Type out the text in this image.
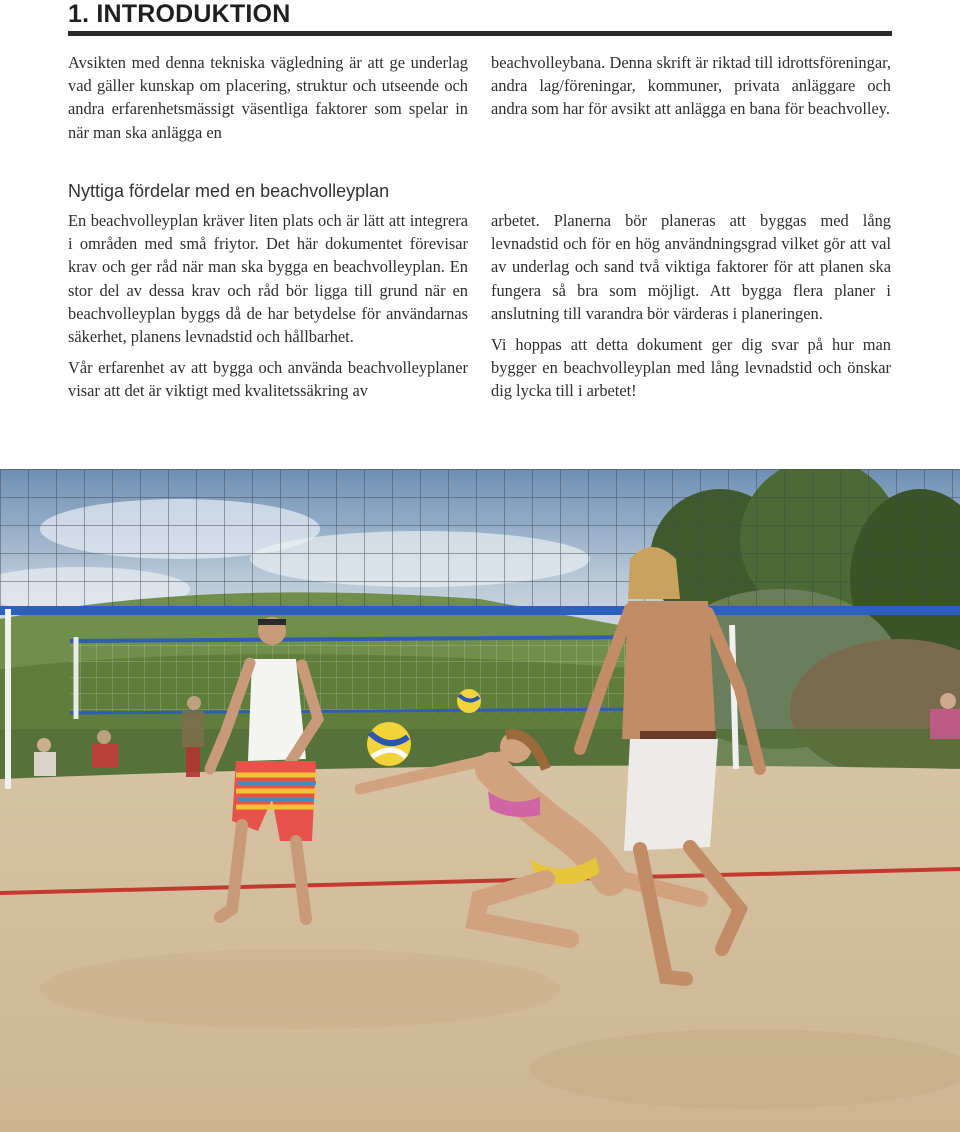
1. INTRODUKTION

Avsikten med denna tekniska vägledning är att ge underlag vad gäller kunskap om placering, struktur och utseende och andra erfarenhetsmässigt väsentliga faktorer som spelar in när man ska anlägga en

beachvolleybana. Denna skrift är riktad till idrottsföreningar, andra lag/föreningar, kommuner, privata anläggare och andra som har för avsikt att anlägga en bana för beachvolley.

Nyttiga fördelar med en beachvolleyplan

En beachvolleyplan kräver liten plats och är lätt att integrera i områden med små friytor. Det här dokumentet förevisar krav och ger råd när man ska bygga en beachvolleyplan. En stor del av dessa krav och råd bör ligga till grund när en beachvolleyplan byggs då de har betydelse för användarnas säkerhet, planens levnadstid och hållbarhet.

Vår erfarenhet av att bygga och använda beachvolleyplaner visar att det är viktigt med kvalitetssäkring av

arbetet. Planerna bör planeras att byggas med lång levnadstid och för en hög användningsgrad vilket gör att val av underlag och sand två viktiga faktorer för att planen ska fungera så bra som möjligt. Att bygga flera planer i anslutning till varandra bör värderas i planeringen.

Vi hoppas att detta dokument ger dig svar på hur man bygger en beachvolleyplan med lång levnadstid och önskar dig lycka till i arbetet!
